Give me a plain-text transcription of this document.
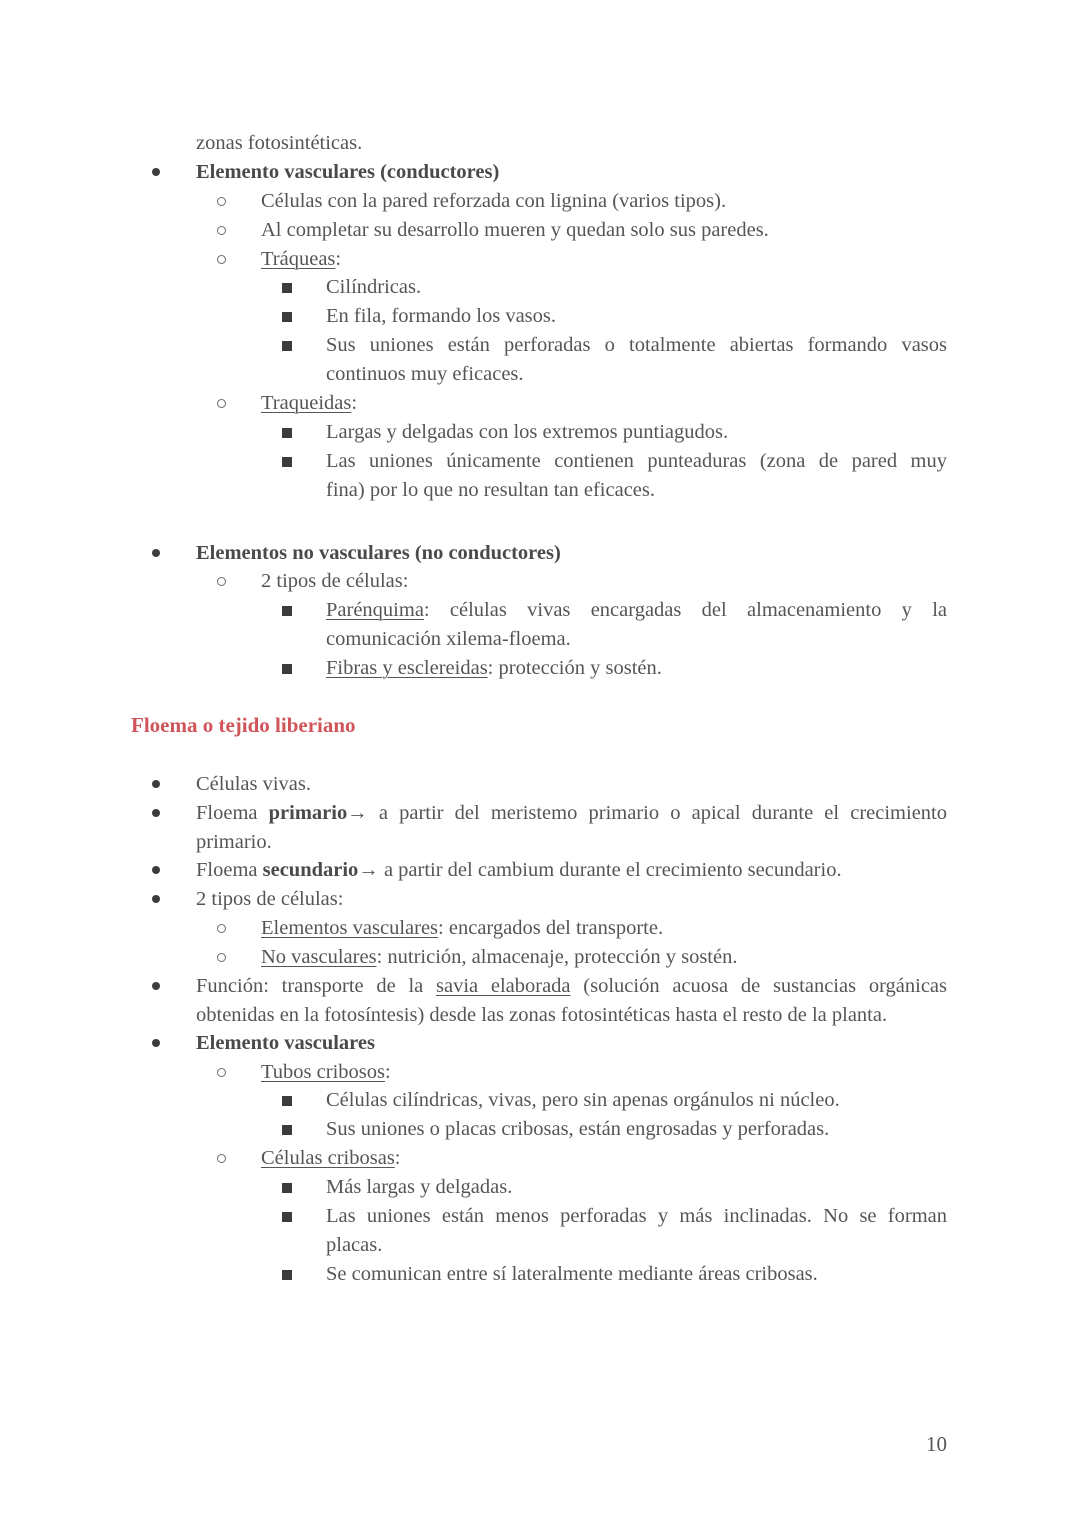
zonas fotosintéticas.
Elemento vasculares (conductores)
Células con la pared reforzada con lignina (varios tipos).
Al completar su desarrollo mueren y quedan solo sus paredes.
Tráqueas:
Cilíndricas.
En fila, formando los vasos.
Sus uniones están perforadas o totalmente abiertas formando vasos
continuos muy eficaces.
Traqueidas:
Largas y delgadas con los extremos puntiagudos.
Las uniones únicamente contienen punteaduras (zona de pared muy
fina) por lo que no resultan tan eficaces.
Elementos no vasculares (no conductores)
2 tipos de células:
Parénquima: células vivas encargadas del almacenamiento y la
comunicación xilema-floema.
Fibras y esclereidas: protección y sostén.
Floema o tejido liberiano
Células vivas.
Floema primario→ a partir del meristemo primario o apical durante el crecimiento
primario.
Floema secundario→ a partir del cambium durante el crecimiento secundario.
2 tipos de células:
Elementos vasculares: encargados del transporte.
No vasculares: nutrición, almacenaje, protección y sostén.
Función: transporte de la savia elaborada (solución acuosa de sustancias orgánicas
obtenidas en la fotosíntesis) desde las zonas fotosintéticas hasta el resto de la planta.
Elemento vasculares
Tubos cribosos:
Células cilíndricas, vivas, pero sin apenas orgánulos ni núcleo.
Sus uniones o placas cribosas, están engrosadas y perforadas.
Células cribosas:
Más largas y delgadas.
Las uniones están menos perforadas y más inclinadas. No se forman
placas.
Se comunican entre sí lateralmente mediante áreas cribosas.
10
